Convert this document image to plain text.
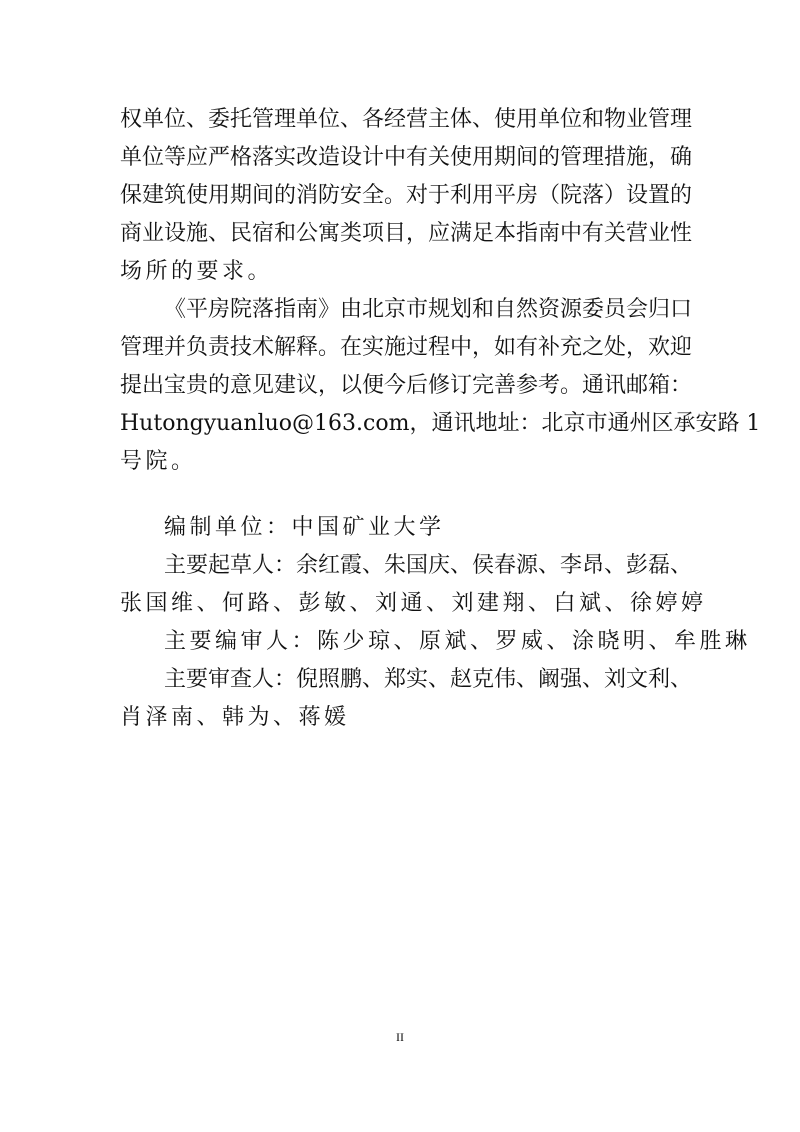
权单位、委托管理单位、各经营主体、使用单位和物业管理
单位等应严格落实改造设计中有关使用期间的管理措施，确
保建筑使用期间的消防安全。对于利用平房（院落）设置的
商业设施、民宿和公寓类项目，应满足本指南中有关营业性
场所的要求。
《平房院落指南》由北京市规划和自然资源委员会归口
管理并负责技术解释。在实施过程中，如有补充之处，欢迎
提出宝贵的意见建议，以便今后修订完善参考。通讯邮箱：
Hutongyuanluo@163.com，通讯地址：北京市通州区承安路 1
号院。
编制单位：中国矿业大学
主要起草人：余红霞、朱国庆、侯春源、李昂、彭磊、
张国维、何路、彭敏、刘通、刘建翔、白斌、徐婷婷
主要编审人：陈少琼、原斌、罗威、涂晓明、牟胜琳
主要审查人：倪照鹏、郑实、赵克伟、阚强、刘文利、
肖泽南、韩为、蒋媛
II
